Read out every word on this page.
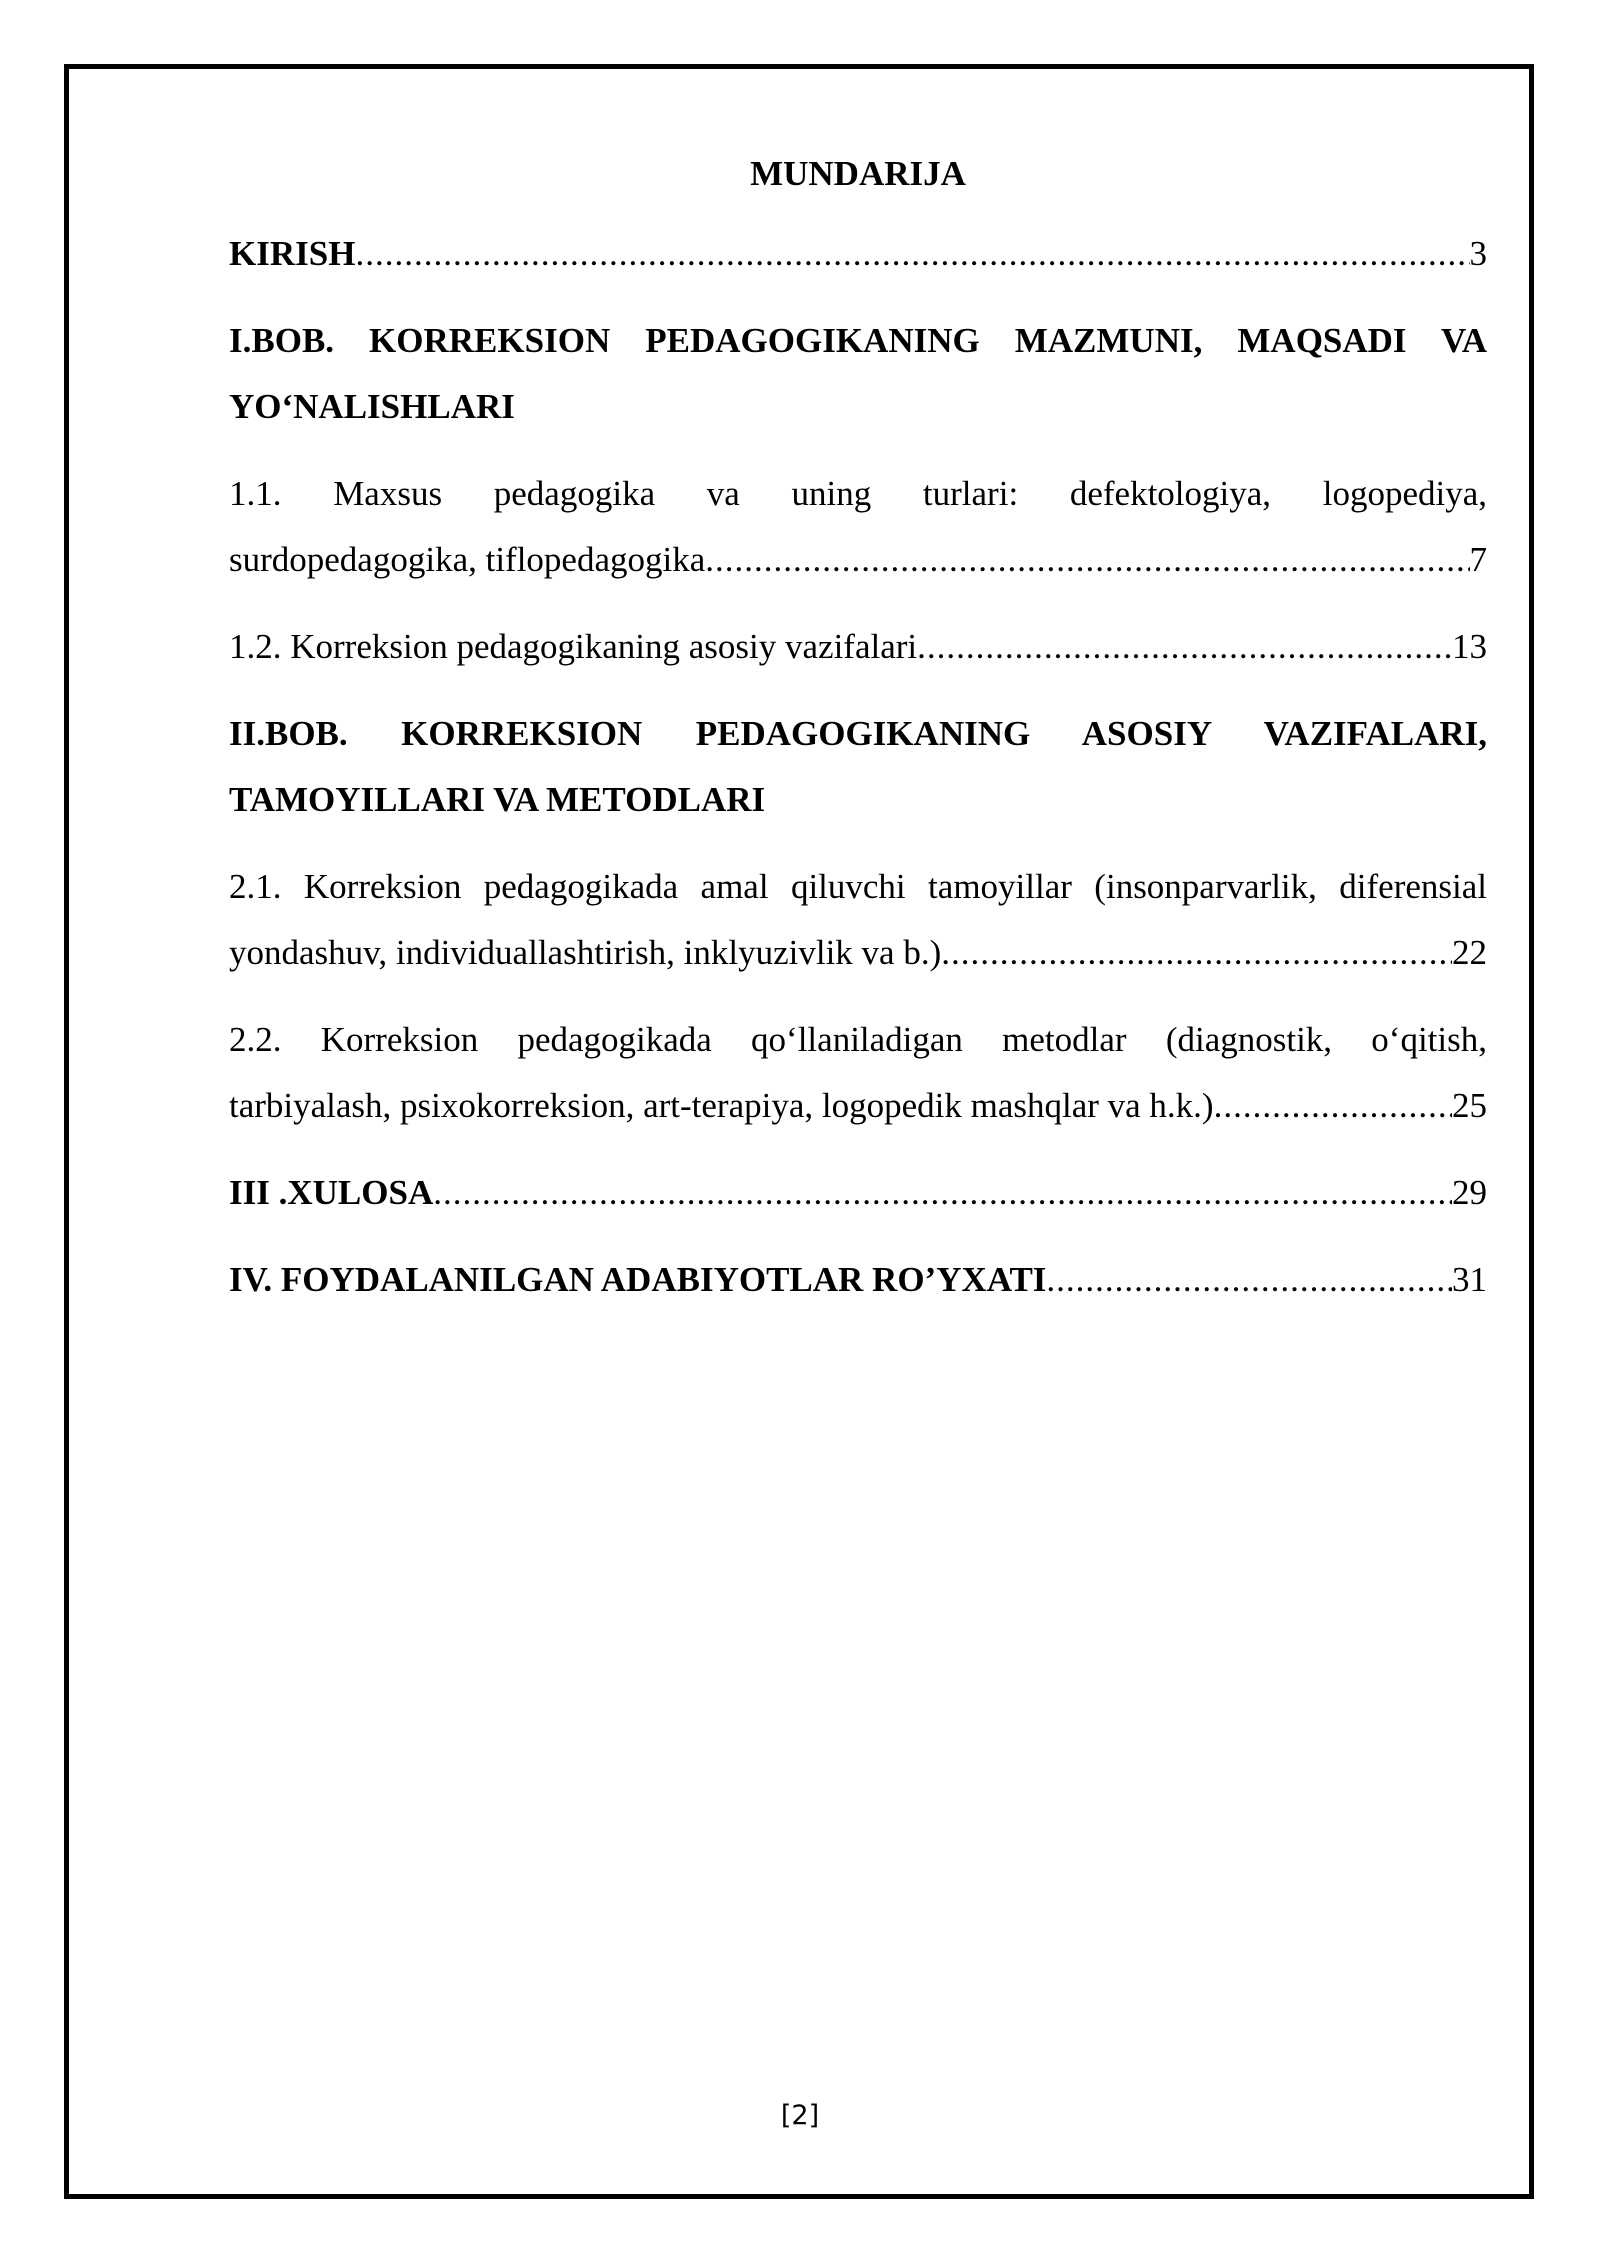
MUNDARIJA
KIRISH .....	3
I.BOB. KORREKSION PEDAGOGIKANING MAZMUNI, MAQSADI VA
YO‘NALISHLARI
1.1. Maxsus pedagogika va uning turlari: defektologiya, logopediya,
surdopedagogika, tiflopedagogika .....	7
1.2. Korreksion pedagogikaning asosiy vazifalari .....	13
II.BOB. KORREKSION PEDAGOGIKANING ASOSIY VAZIFALARI,
TAMOYILLARI VA METODLARI
2.1. Korreksion pedagogikada amal qiluvchi tamoyillar (insonparvarlik, diferensial
yondashuv, individuallashtirish, inklyuzivlik va b.) .....	22
2.2. Korreksion pedagogikada qo‘llaniladigan metodlar (diagnostik, o‘qitish,
tarbiyalash, psixokorreksion, art-terapiya, logopedik mashqlar va h.k.) .....	25
III .XULOSA .....	29
IV. FOYDALANILGAN ADABIYOTLAR RO’YXATI .....	31
[2]
